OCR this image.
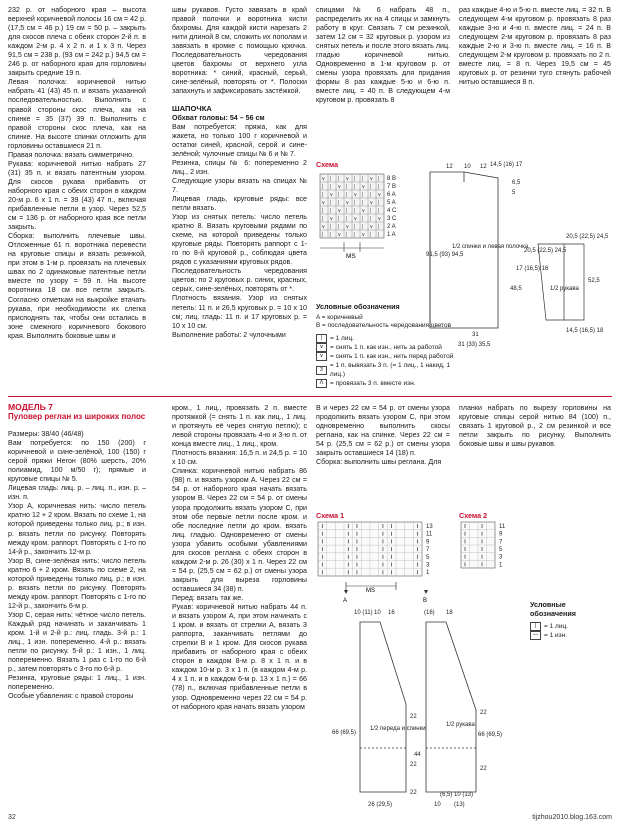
232 р. от наборного края – высота верхней коричневой полосы 16 см = 42 р. (17,5 см = 46 р.) 19 см = 50 р. – закрыть для скосов плеча с обеих сторон 2-й п. в каждом 2-м р. 4 х 2 п. и 1 х 3 п. Через 91,5 см = 238 р. (93 см = 242 р.) 94,5 см = 246 р. от наборного края для горловины закрыть средние 19 п.

Левая полочка: коричневой нитью набрать 41 (43) 45 п. и вязать указанной последовательностью. Выполнить с правой стороны скос плеча, как на спинке = 35 (37) 39 п. Выполнить с правой стороны скос плеча, как на спинке. На высоте спинки отложить для горловины оставшиеся 21 п.

Правая полочка: вязать симметрично.

Рукава: коричневой нитью набрать 27 (31) 35 п. и вязать патентным узором. Для скосов рукава прибавить от наборного края с обеих сторон в каждом 20-м р. 6 х 1 п. = 39 (43) 47 п., включая прибавленные петли в узор. Через 52,5 см = 136 р. от наборного края все петли закрыть.

Сборка: выполнить плечевые швы. Отложенные 61 п. воротника перевести на круговые спицы и вязать резинкой, при этом в 1-м р. провязать на плечевых швах по 2 одинаковые патентные петли вместе по узору = 59 п. На высоте воротника 18 см все петли закрыть. Согласно отметкам на выкройке втачать рукава, при необходимости их слегка присподнять так, чтобы они остались в зоне смежного коричневого бокового края. Выполнить боковые швы и

швы рукавов. Густо завязать в край правой полочки и воротника кисти бахромы. Для каждой кисти нарезать 2 нити длиной 8 см, сложить их пополам и завязать в кромке с помощью крючка. Последовательность чередования цветов бахромы от верхнего угла воротника: * синий, красный, серый, сине-зелёный, повторять от *. Полоски запахнуть и зафиксировать застёжкой.

ШАПОЧКА

Обхват головы: 54 – 56 см

Вам потребуется: пряжа, как для жакета, но только 100 г коричневой и остатки синей, красной, серой и сине-зелёной; чулочные спицы № 6 и № 7.

Резинка, спицы № 6: попеременно 2 лиц., 2 изн.

Следующие узоры вязать на спицах № 7.

Лицевая гладь, круговые ряды: все петли вязать.

Узор из снятых петель: число петель кратно 8. Вязать круговыми рядами по схеме, на которой приведены только круговые ряды. Повторять раппорт с 1-го по 8-й круговой р., соблюдая цвета рядов с указаниями круговых рядов.

Последовательность чередования цветов: по 2 круговых р. синих, красных, серых, сине-зелёных, повторять от *.

Плотность вязания. Узор из снятых петель: 11 п. и 26,5 круговых р. = 10 х 10 см; лиц. гладь: 11 п. и 17 круговых р. = 10 х 10 см.

Выполнение работы: 2 чулочными

спицами № 6 набрать 48 п., распределить их на 4 спицы и замкнуть работу в круг. Связать 7 см резинкой, затем 12 см = 32 круговых р. узором из снятых петель и после этого вязать лиц. гладью коричневой нитью. Одновременно в 1-м круговом р. от смены узора провязать для придания формы 8 раз каждые 5-ю и 6-ю п. вместе лиц. = 40 п. В следующем 4-м круговом р. провязать 8

раз каждые 4-ю и 5-ю п. вместе лиц. = 32 п. В следующем 4-м круговом р. провязать 8 раз каждые 3-ю и 4-ю п. вместе лиц. = 24 п. В следующем 2-м круговом р. провязать 8 раз каждые 2-ю и 3-ю п. вместе лиц. = 16 п. В следующем 2-м круговом р. провязать по 2 п. вместе лиц. = 8 п. Через 19,5 см = 45 круговых р. от резинки туго стянуть рабочей нитью оставшиеся 8 п.

Схема
∨ | | ∨ | | ∨ |
| | ∨ | | ∨ | |
| ∨ | | ∨ | | ∨
∨ | | ∨ | | ∨ |
| | ∨ | | ∨ | |
| ∨ | | ∨ | | ∨
∨ | | ∨ | | ∨ |
| | ∨ | | ∨ | |
8 B
7 B
6 A
5 A
4 C
3 C
2 A
1 A
MS
Условные обозначения
A = коричневый
B = последовательность чередования цветов
|	= 1 лиц.
∨ = снять 1 п. как изн., нить за работой
∨ = снять 1 п. как изн., нить перед работой
3
= 1 п. вывязать 3 п. (= 1 лиц., 1 накид, 1 лиц.)
Λ	= провязать 3 п. вместе изн.
12 10	14,5 (16) 17
6,5
5
1/2 спинки и левая полочка
91,5 (93) 94,5
48,5
31
31 (33) 35,5
12
20,5 (22,5) 24,5
52,5
1/2 рукава
14,5 (16,5) 18
17 (16,5) 16
20,5 (22,5) 24,5

МОДЕЛЬ 7

Пуловер реглан из широких полос

Размеры: 38/40 (46/48)

Вам потребуется: по 150 (200) г коричневой и сине-зелёной, 100 (150) г серой пряжи Нerон (80% шерсть, 20% полиамид, 100 м/50 г); прямые и круговые спицы № 5.

Лицевая гладь: лиц. р. – лиц. п., изн. р. – изн. п.

Узор А, коричневая нить: число петель кратно 12 + 2 кром. Вязать по схеме 1, на которой приведены только лиц. р.; в изн. р. вязать петли по рисунку. Повторять между кром. раппорт. Повторять с 1-го по 14-й р., закончить 12-м р.

Узор В, сине-зелёная нить: число петель кратно 6 + 2 кром. Вязать по схеме 2, на которой приведены только лиц. р.; в изн. р. вязать петли по рисунку. Повторять между кром. раппорт. Повторять с 1-го по 12-й р., закончить 6-м р.

Узор С, серая нить: чётное число петель. Каждый ряд начинать и заканчивать 1 кром. 1-й и 2-й р.: лиц. гладь. 3-й р.: 1 лиц., 1 изн. попеременно. 4-й р.: вязать петли по рисунку. 5-й р.: 1 изн., 1 лиц. попеременно. Вязать 1 раз с 1-го по 6-й р., затем повторять с 3-го по 6-й р.

Резинка, круговые ряды: 1 лиц., 1 изн. попеременно.

Особые убавления: с правой стороны

кром., 1 лиц., провязать 2 п. вместе протяжкой (= снять 1 п. как лиц., 1 лиц. и протянуть её через снятую петлю); с левой стороны провязать 4-ю и 3-ю п. от конца вместе лиц., 1 лиц., кром.

Плотность вязания: 16,5 п. и 24,5 р. = 10 х 10 см.

Спинка: коричневой нитью набрать 86 (98) п. и вязать узором А. Через 22 см = 54 р. от наборного края начать вязать узором В. Через 22 см = 54 р. от смены узора продолжить вязать узором С, при этом обе первые петли после кром. и обе последние петли до кром. вязать лиц. гладью. Одновременно от смены узора убавить особыми убавлениями для скосов реглана с обеих сторон в каждом 2-м р. 26 (30) х 1 п. Через 22 см = 54 р. (25,5 см = 62 р.) от смены узора закрыть для выреза горловины оставшиеся 34 (38) п.

Перед: вязать так же.

Рукав: коричневой нитью набрать 44 п. и вязать узором А, при этом начинать с 1 кром. и вязать от стрелки A, вязать 3 раппорта, заканчивать петлями до стрелки В и 1 кром. Для скосов рукава прибавить от наборного края с обеих сторон в каждом 8-м р. 8 х 1 п. и в каждом 10-м р. 3 х 1 п. (в каждом 4-м р. 4 х 1 п. и в каждом 6-м р. 13 х 1 п.) = 66 (78) п., включая прибавленные петли в узор. Одновременно через 22 см = 54 р. от наборного края начать вязать узором

В и через 22 см = 54 р. от смены узора продолжить вязать узором С, при этом одновременно выполнить скосы реглана, как на спинке. Через 22 см = 54 р. (25,5 см = 62 р.) от смены узора закрыть оставшиеся 14 (18) п.

Сборка: выполнить швы реглана. Для

планки набрать по вырезу горловины на круговые спицы серой нитью 84 (100) п., связать 1 круговой р., 2 см резинкой и все петли закрыть по рисунку. Выполнить боковые швы и швы рукавов.

Схема 1
13
11
9
7
5
3
1
MS
A	B
Схема 2
11
9
7
5
3
1
Условные обозначения
|	= 1 лиц.
— = 1 изн.
10 (11)	16
10
66 (69,5)
1/2 переда и спинки
22
22
22
26 (29,5)
(16) 18
1/2 рукава
66 (69,5)
22
22
44
(6,5) 10 (13)
10 (13)
32	tijzhou2010.blog.163.com
